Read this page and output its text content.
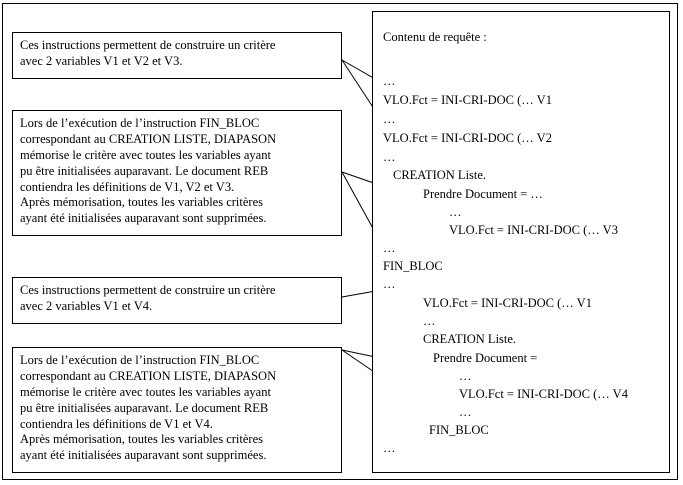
Ces instructions permettent de construire un critère

avec 2 variables V1 et V2 et V3.

Lors de l’exécution de l’instruction FIN_BLOC

correspondant au CREATION LISTE, DIAPASON

mémorise le critère avec toutes les variables ayant

pu être initialisées auparavant. Le document REB

contiendra les définitions de V1, V2 et V3.

Après mémorisation, toutes les variables critères

ayant été initialisées auparavant sont supprimées.

Ces instructions permettent de construire un critère

avec 2 variables V1 et V4.

Lors de l’exécution de l’instruction FIN_BLOC

correspondant au CREATION LISTE, DIAPASON

mémorise le critère avec toutes les variables ayant

pu être initialisées auparavant. Le document REB

contiendra les définitions de V1 et V4.

Après mémorisation, toutes les variables critères

ayant été initialisées auparavant sont supprimées.

Contenu de requête :
…
VLO.Fct = INI-CRI-DOC (… V1
…
VLO.Fct = INI-CRI-DOC (… V2
…
CREATION Liste.
Prendre Document = …
…
VLO.Fct = INI-CRI-DOC (… V3
…
FIN_BLOC
…
VLO.Fct = INI-CRI-DOC (… V1
…
CREATION Liste.
Prendre Document =
…
VLO.Fct = INI-CRI-DOC (… V4
…
FIN_BLOC
…
